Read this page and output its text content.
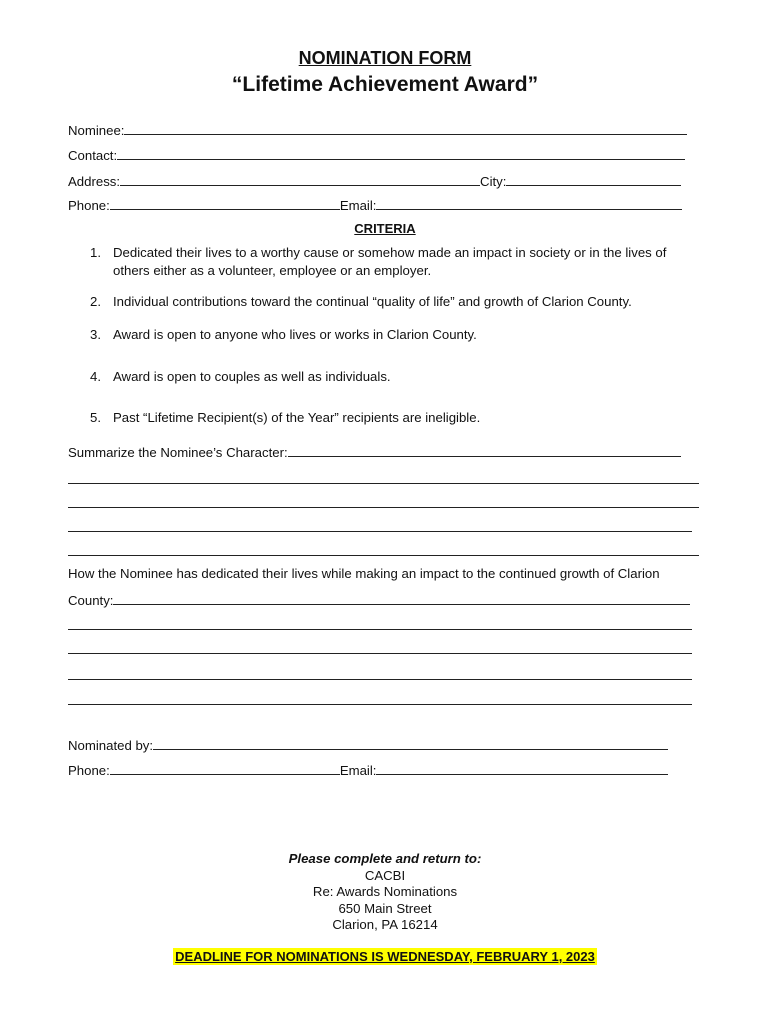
NOMINATION FORM
“Lifetime Achievement Award”
Nominee:
Contact:
Address:	City:
Phone:	Email:
CRITERIA
1. Dedicated their lives to a worthy cause or somehow made an impact in society or in the lives of others either as a volunteer, employee or an employer.
2. Individual contributions toward the continual “quality of life” and growth of Clarion County.
3. Award is open to anyone who lives or works in Clarion County.
4. Award is open to couples as well as individuals.
5. Past “Lifetime Recipient(s) of the Year” recipients are ineligible.
Summarize the Nominee’s Character:
How the Nominee has dedicated their lives while making an impact to the continued growth of Clarion
County:
Nominated by:
Phone:	Email:
Please complete and return to:
CACBI
Re: Awards Nominations
650 Main Street
Clarion, PA 16214
DEADLINE FOR NOMINATIONS IS WEDNESDAY, FEBRUARY 1, 2023
